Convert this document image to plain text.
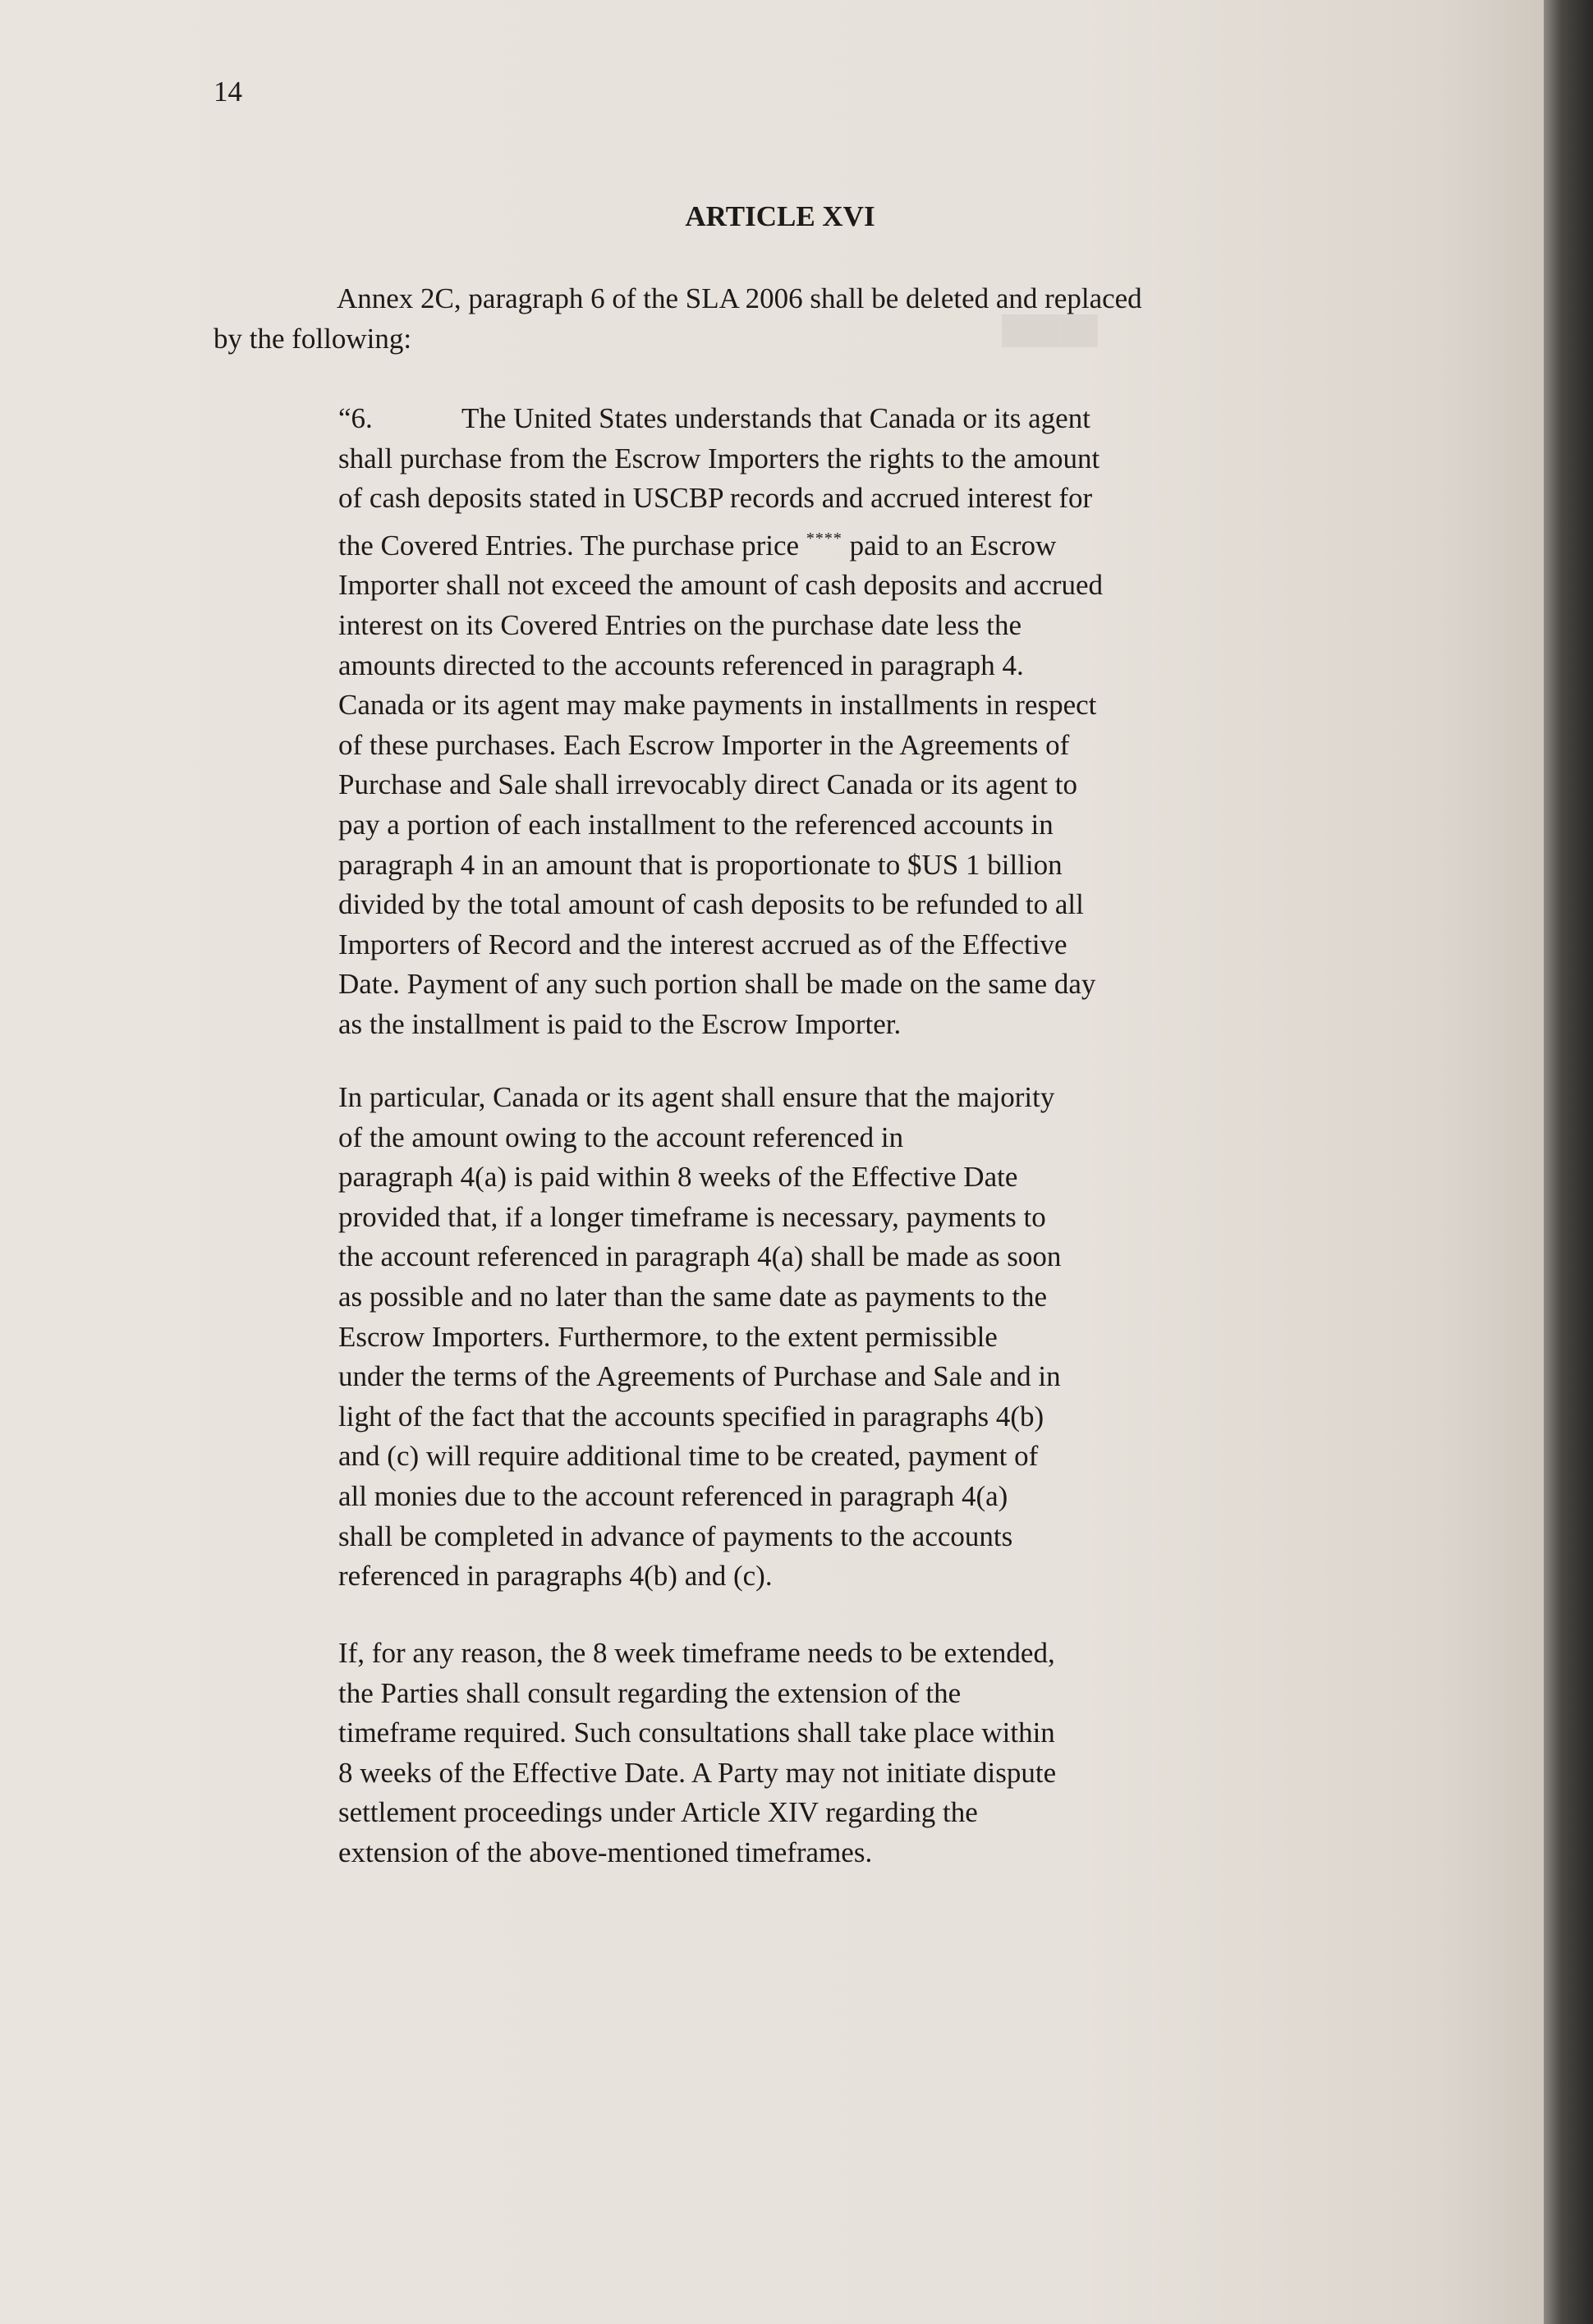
█████

14

ARTICLE XVI

Annex 2C, paragraph 6 of the SLA 2006 shall be deleted and replaced
by the following:
“6.	The United States understands that Canada or its agent
shall purchase from the Escrow Importers the rights to the amount
of cash deposits stated in USCBP records and accrued interest for
the Covered Entries. The purchase price **** paid to an Escrow
Importer shall not exceed the amount of cash deposits and accrued
interest on its Covered Entries on the purchase date less the
amounts directed to the accounts referenced in paragraph 4.
Canada or its agent may make payments in installments in respect
of these purchases. Each Escrow Importer in the Agreements of
Purchase and Sale shall irrevocably direct Canada or its agent to
pay a portion of each installment to the referenced accounts in
paragraph 4 in an amount that is proportionate to $US 1 billion
divided by the total amount of cash deposits to be refunded to all
Importers of Record and the interest accrued as of the Effective
Date. Payment of any such portion shall be made on the same day
as the installment is paid to the Escrow Importer.
In particular, Canada or its agent shall ensure that the majority
of the amount owing to the account referenced in
paragraph 4(a) is paid within 8 weeks of the Effective Date
provided that, if a longer timeframe is necessary, payments to
the account referenced in paragraph 4(a) shall be made as soon
as possible and no later than the same date as payments to the
Escrow Importers. Furthermore, to the extent permissible
under the terms of the Agreements of Purchase and Sale and in
light of the fact that the accounts specified in paragraphs 4(b)
and (c) will require additional time to be created, payment of
all monies due to the account referenced in paragraph 4(a)
shall be completed in advance of payments to the accounts
referenced in paragraphs 4(b) and (c).
If, for any reason, the 8 week timeframe needs to be extended,
the Parties shall consult regarding the extension of the
timeframe required. Such consultations shall take place within
8 weeks of the Effective Date. A Party may not initiate dispute
settlement proceedings under Article XIV regarding the
extension of the above-mentioned timeframes.
